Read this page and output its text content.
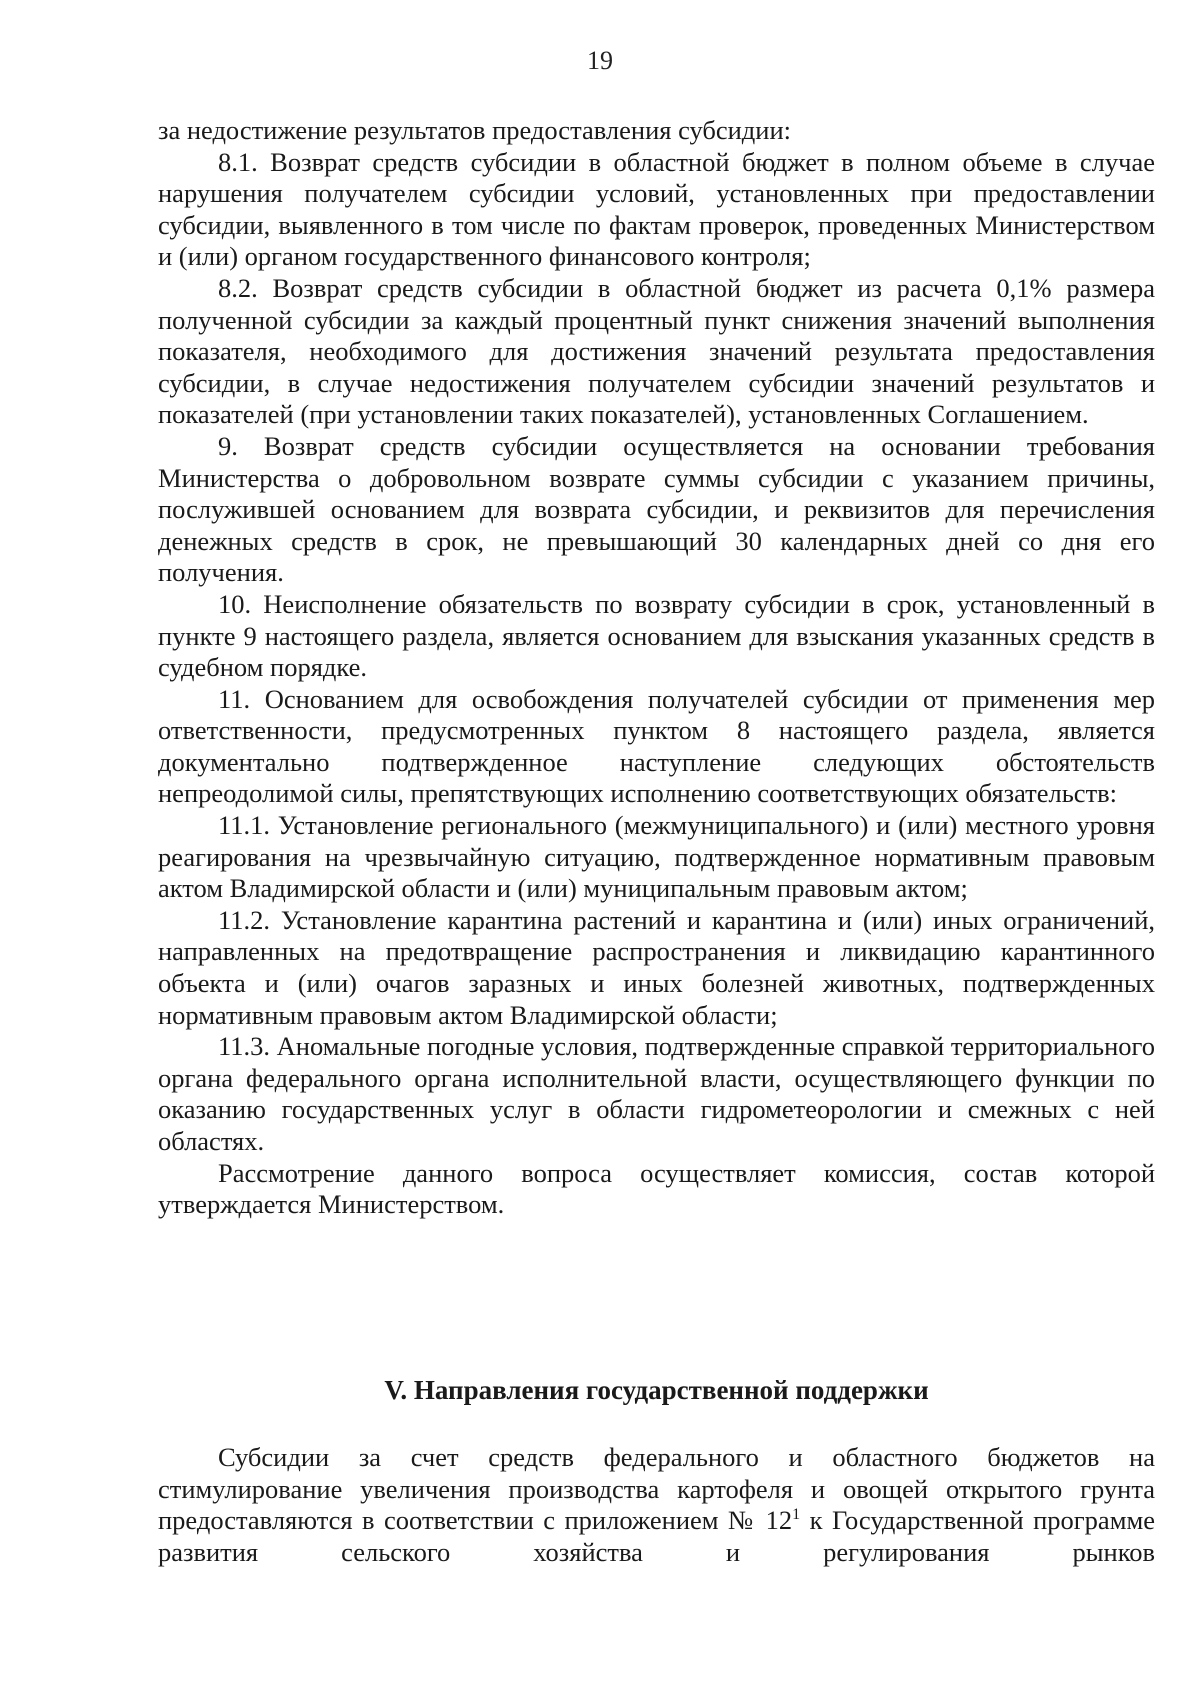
19

за недостижение результатов предоставления субсидии:

8.1. Возврат средств субсидии в областной бюджет в полном объеме в случае нарушения получателем субсидии условий, установленных при предоставлении субсидии, выявленного в том числе по фактам проверок, проведенных Министерством и (или) органом государственного финансового контроля;

8.2. Возврат средств субсидии в областной бюджет из расчета 0,1% размера полученной субсидии за каждый процентный пункт снижения значений выполнения показателя, необходимого для достижения значений результата предоставления субсидии, в случае недостижения получателем субсидии значений результатов и показателей (при установлении таких показателей), установленных Соглашением.

9. Возврат средств субсидии осуществляется на основании требования Министерства о добровольном возврате суммы субсидии с указанием причины, послужившей основанием для возврата субсидии, и реквизитов для перечисления денежных средств в срок, не превышающий 30 календарных дней со дня его получения.

10. Неисполнение обязательств по возврату субсидии в срок, установленный в пункте 9 настоящего раздела, является основанием для взыскания указанных средств в судебном порядке.

11. Основанием для освобождения получателей субсидии от применения мер ответственности, предусмотренных пунктом 8 настоящего раздела, является документально подтвержденное наступление следующих обстоятельств непреодолимой силы, препятствующих исполнению соответствующих обязательств:

11.1. Установление регионального (межмуниципального) и (или) местного уровня реагирования на чрезвычайную ситуацию, подтвержденное нормативным правовым актом Владимирской области и (или) муниципальным правовым актом;

11.2. Установление карантина растений и карантина и (или) иных ограничений, направленных на предотвращение распространения и ликвидацию карантинного объекта и (или) очагов заразных и иных болезней животных, подтвержденных нормативным правовым актом Владимирской области;

11.3. Аномальные погодные условия, подтвержденные справкой территориального органа федерального органа исполнительной власти, осуществляющего функции по оказанию государственных услуг в области гидрометеорологии и смежных с ней областях.

Рассмотрение данного вопроса осуществляет комиссия, состав которой утверждается Министерством.

V. Направления государственной поддержки

Субсидии за счет средств федерального и областного бюджетов на стимулирование увеличения производства картофеля и овощей открытого грунта предоставляются в соответствии с приложением № $12^1$ к Государственной программе развития сельского хозяйства и регулирования рынков
